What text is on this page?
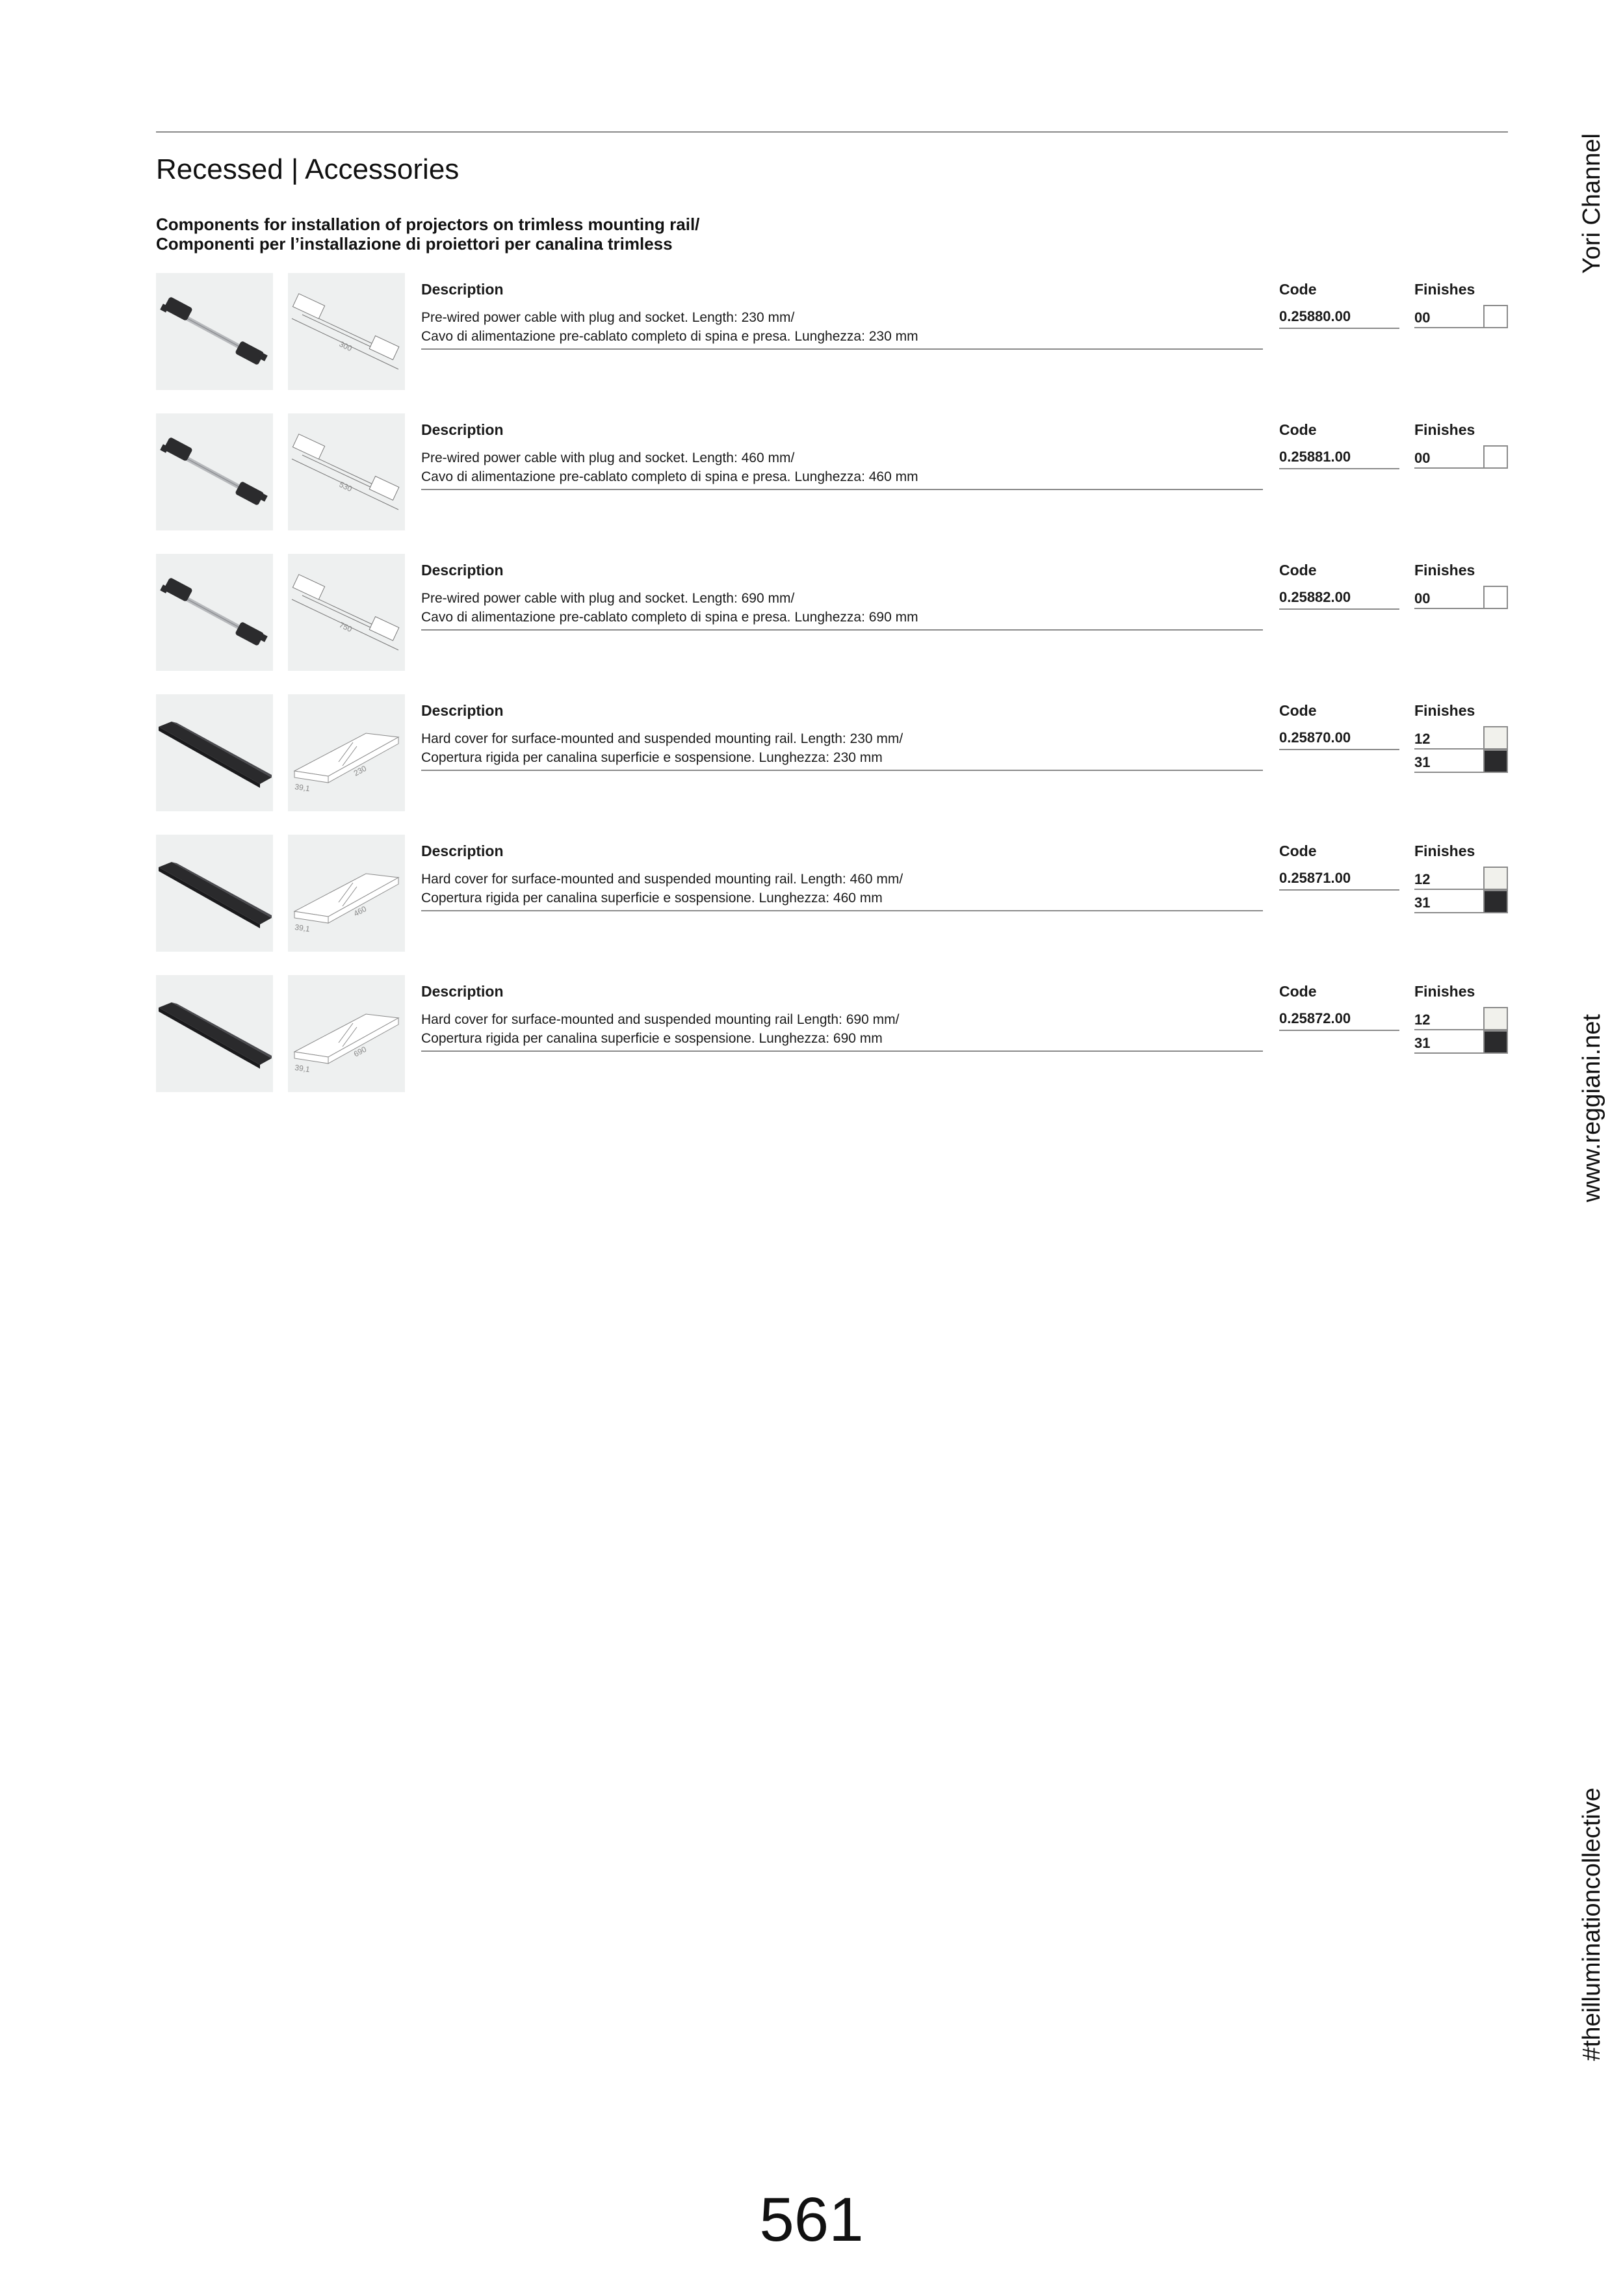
Recessed | Accessories
Components for installation of projectors on trimless mounting rail/
Componenti per l’installazione di proiettori per canalina trimless
300
Description
Pre-wired power cable with plug and socket. Length: 230 mm/
Cavo di alimentazione pre-cablato completo di spina e presa. Lunghezza: 230 mm
Code
0.25880.00
Finishes
00
530
Description
Pre-wired power cable with plug and socket. Length: 460 mm/
Cavo di alimentazione pre-cablato completo di spina e presa. Lunghezza: 460 mm
Code
0.25881.00
Finishes
00
750
Description
Pre-wired power cable with plug and socket. Length: 690 mm/
Cavo di alimentazione pre-cablato completo di spina e presa. Lunghezza: 690 mm
Code
0.25882.00
Finishes
00
230
39,1
Description
Hard cover for surface-mounted and suspended mounting rail. Length: 230 mm/
Copertura rigida per canalina superficie e sospensione. Lunghezza: 230 mm
Code
0.25870.00
Finishes
12
31
460
39,1
Description
Hard cover for surface-mounted and suspended mounting rail. Length: 460 mm/
Copertura rigida per canalina superficie e sospensione. Lunghezza: 460 mm
Code
0.25871.00
Finishes
12
31
690
39,1
Description
Hard cover for surface-mounted and suspended mounting rail Length: 690 mm/
Copertura rigida per canalina superficie e sospensione. Lunghezza: 690 mm
Code
0.25872.00
Finishes
12
31
Yori Channel
www.reggiani.net
#theilluminationcollective
561
